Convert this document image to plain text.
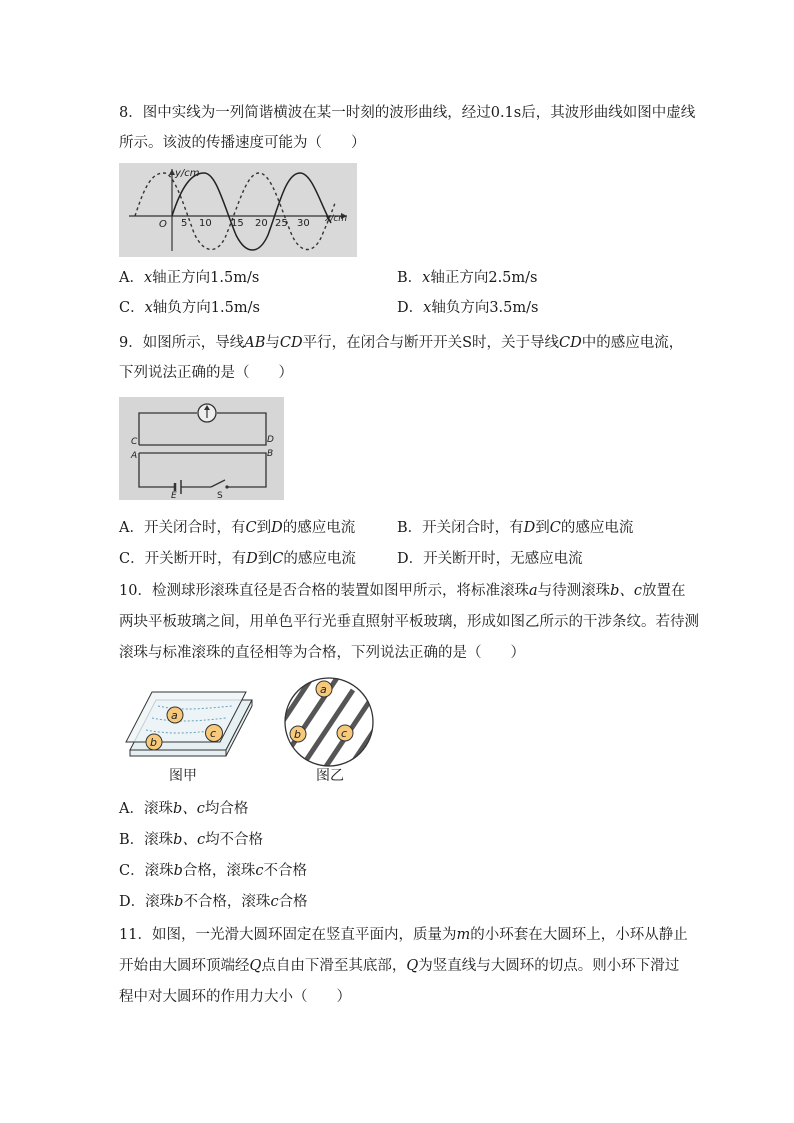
8．图中实线为一列简谐横波在某一时刻的波形曲线，经过0.1s后，其波形曲线如图中虚线
所示。该波的传播速度可能为（　　）
y/cm
x/cm
O 5 10 15 20 25 30
A．x轴正方向1.5m/s	B．x轴正方向2.5m/s
C．x轴负方向1.5m/s	D．x轴负方向3.5m/s
9．如图所示，导线AB与CD平行，在闭合与断开开关S时，关于导线CD中的感应电流，
下列说法正确的是（　　）
C
A
D
B
E	S
A．开关闭合时，有C到D的感应电流	B．开关闭合时，有D到C的感应电流
C．开关断开时，有D到C的感应电流	D．开关断开时，无感应电流
10．检测球形滚珠直径是否合格的装置如图甲所示，将标准滚珠a与待测滚珠b、c放置在
两块平板玻璃之间，用单色平行光垂直照射平板玻璃，形成如图乙所示的干涉条纹。若待测
滚珠与标准滚珠的直径相等为合格，下列说法正确的是（　　）
a
c
b
图甲
a
b	c
图乙
A．滚珠b、c均合格
B．滚珠b、c均不合格
C．滚珠b合格，滚珠c不合格
D．滚珠b不合格，滚珠c合格
11．如图，一光滑大圆环固定在竖直平面内，质量为m的小环套在大圆环上，小环从静止
开始由大圆环顶端经Q点自由下滑至其底部，Q为竖直线与大圆环的切点。则小环下滑过
程中对大圆环的作用力大小（　　）
